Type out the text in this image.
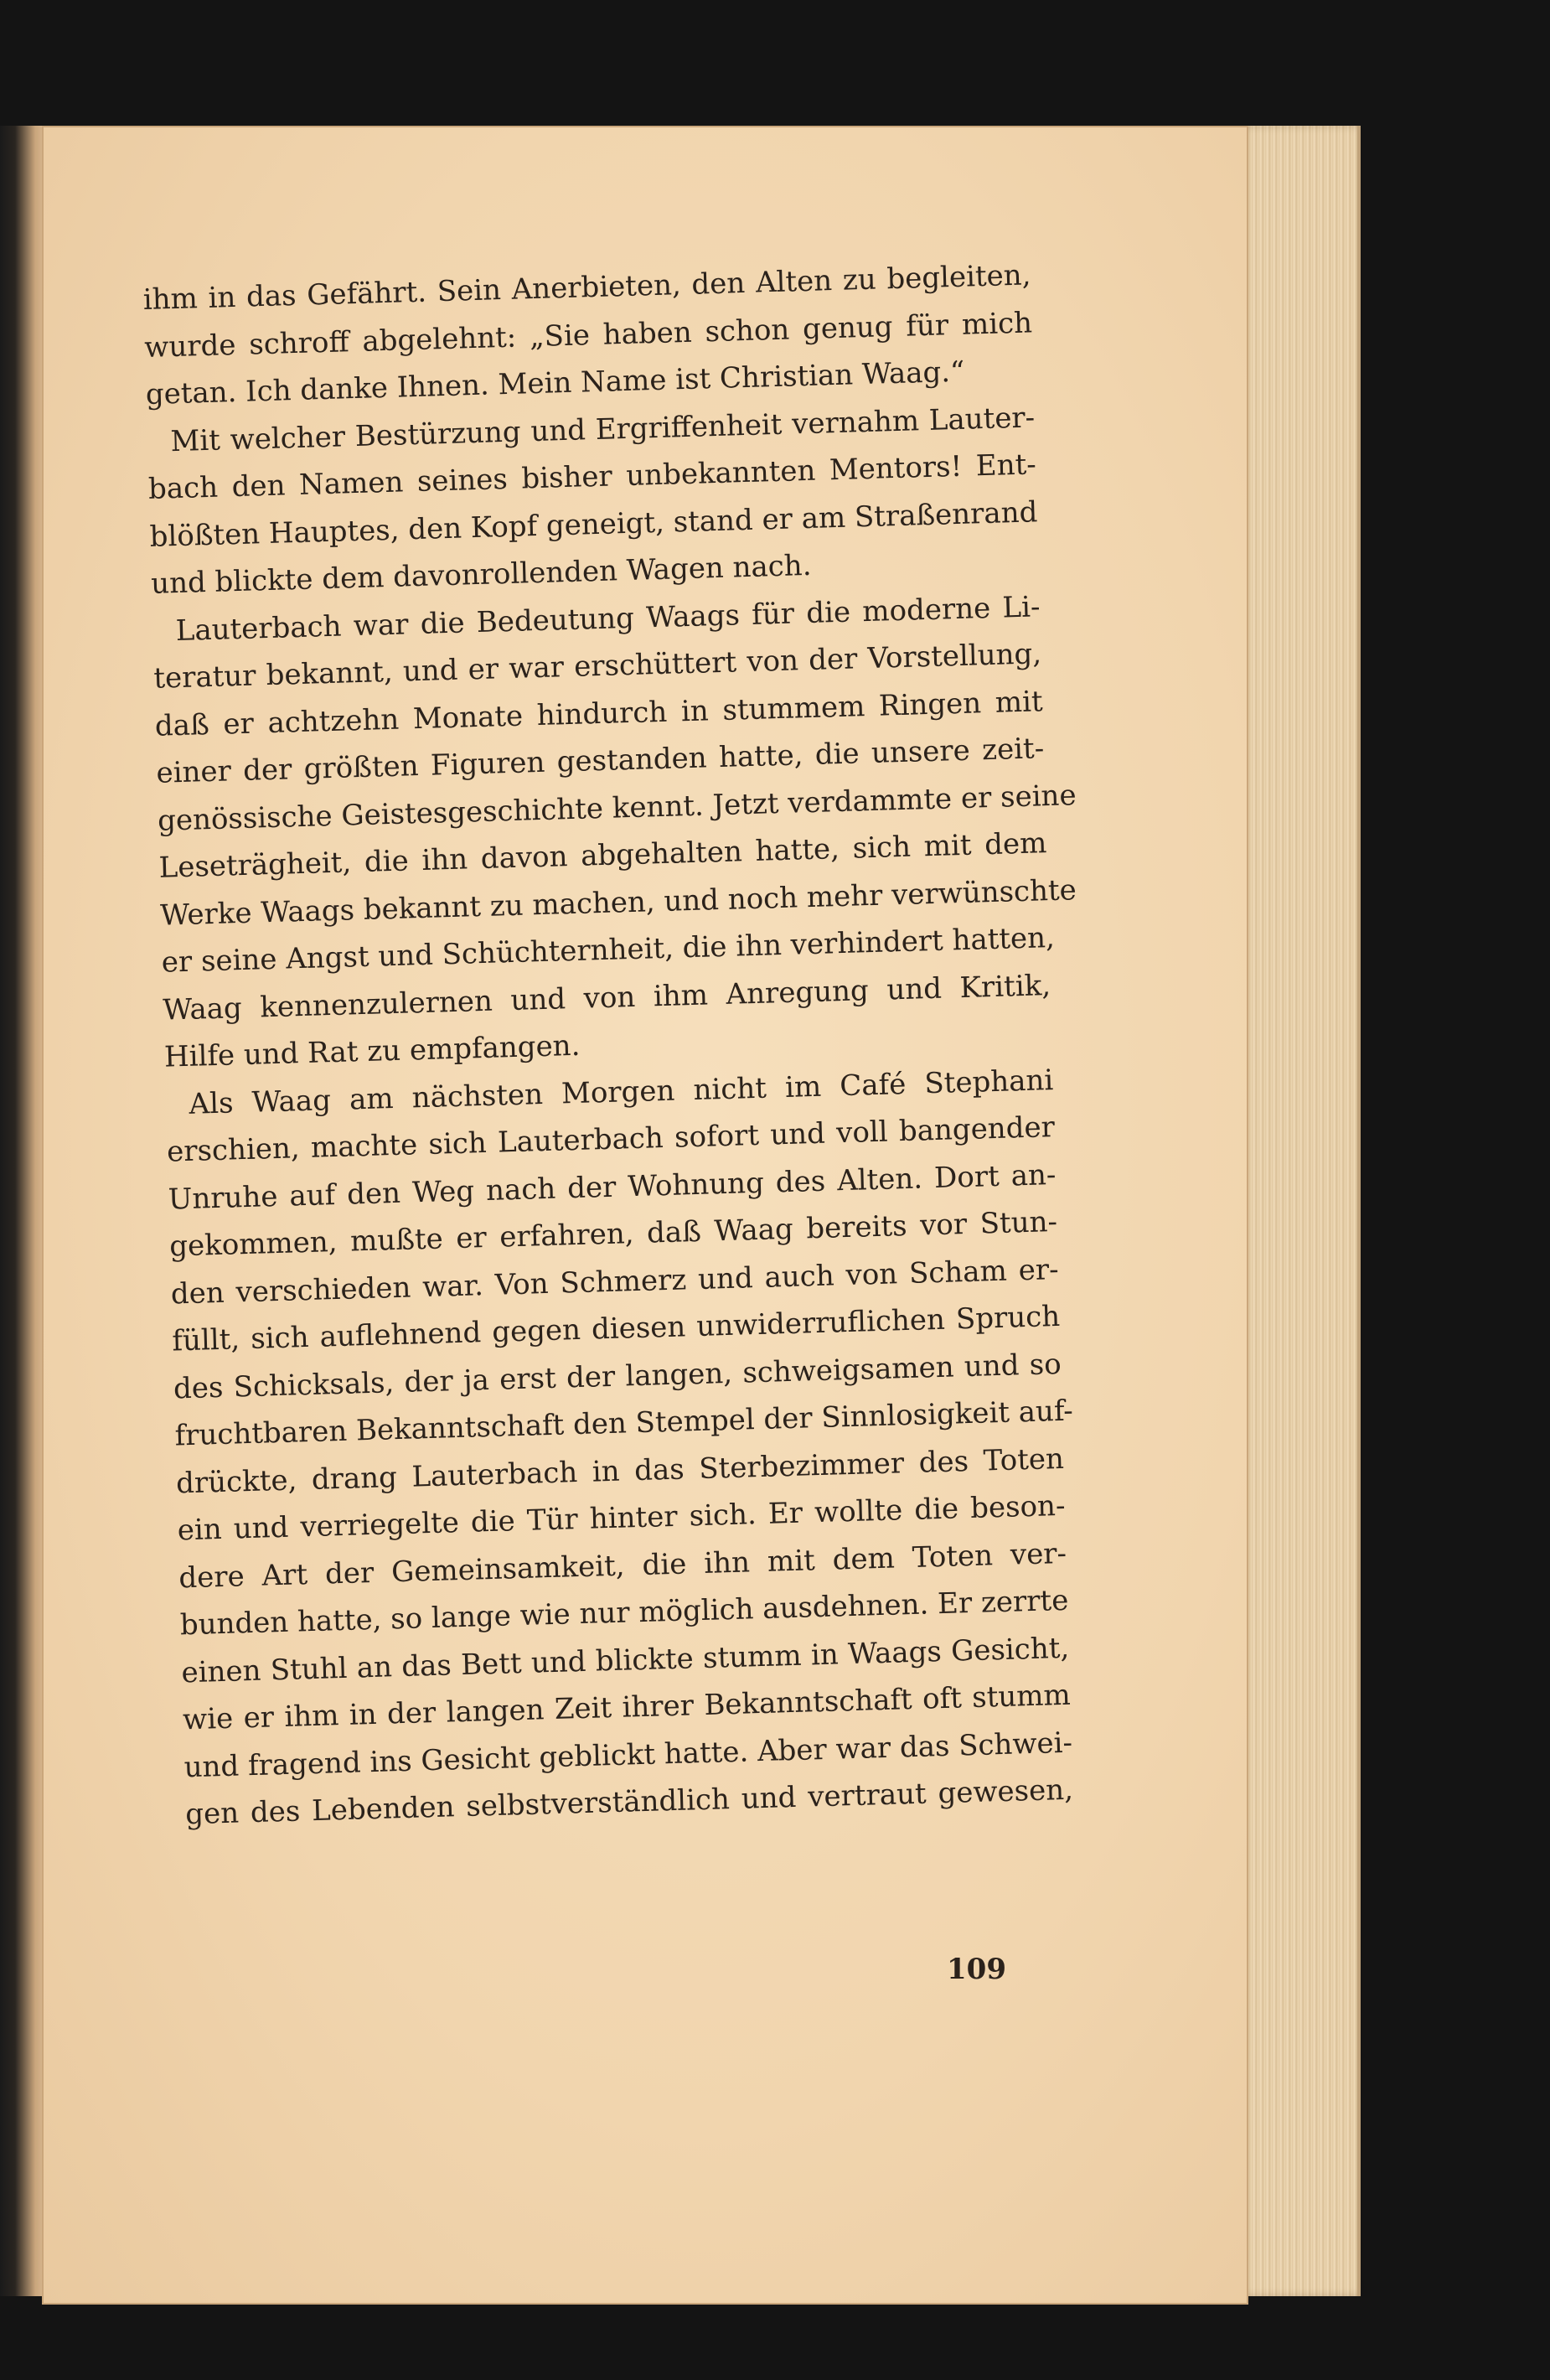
ihm in das Gefährt. Sein Anerbieten, den Alten zu begleiten,
wurde schroff abgelehnt: „Sie haben schon genug für mich
getan. Ich danke Ihnen. Mein Name ist Christian Waag.“
Mit welcher Bestürzung und Ergriffenheit vernahm Lauter-
bach den Namen seines bisher unbekannten Mentors! Ent-
blößten Hauptes, den Kopf geneigt, stand er am Straßenrand
und blickte dem davonrollenden Wagen nach.
Lauterbach war die Bedeutung Waags für die moderne Li-
teratur bekannt, und er war erschüttert von der Vorstellung,
daß er achtzehn Monate hindurch in stummem Ringen mit
einer der größten Figuren gestanden hatte, die unsere zeit-
genössische Geistesgeschichte kennt. Jetzt verdammte er seine
Leseträgheit, die ihn davon abgehalten hatte, sich mit dem
Werke Waags bekannt zu machen, und noch mehr verwünschte
er seine Angst und Schüchternheit, die ihn verhindert hatten,
Waag kennenzulernen und von ihm Anregung und Kritik,
Hilfe und Rat zu empfangen.
Als Waag am nächsten Morgen nicht im Café Stephani
erschien, machte sich Lauterbach sofort und voll bangender
Unruhe auf den Weg nach der Wohnung des Alten. Dort an-
gekommen, mußte er erfahren, daß Waag bereits vor Stun-
den verschieden war. Von Schmerz und auch von Scham er-
füllt, sich auflehnend gegen diesen unwiderruflichen Spruch
des Schicksals, der ja erst der langen, schweigsamen und so
fruchtbaren Bekanntschaft den Stempel der Sinnlosigkeit auf-
drückte, drang Lauterbach in das Sterbezimmer des Toten
ein und verriegelte die Tür hinter sich. Er wollte die beson-
dere Art der Gemeinsamkeit, die ihn mit dem Toten ver-
bunden hatte, so lange wie nur möglich ausdehnen. Er zerrte
einen Stuhl an das Bett und blickte stumm in Waags Gesicht,
wie er ihm in der langen Zeit ihrer Bekanntschaft oft stumm
und fragend ins Gesicht geblickt hatte. Aber war das Schwei-
gen des Lebenden selbstverständlich und vertraut gewesen,
109
